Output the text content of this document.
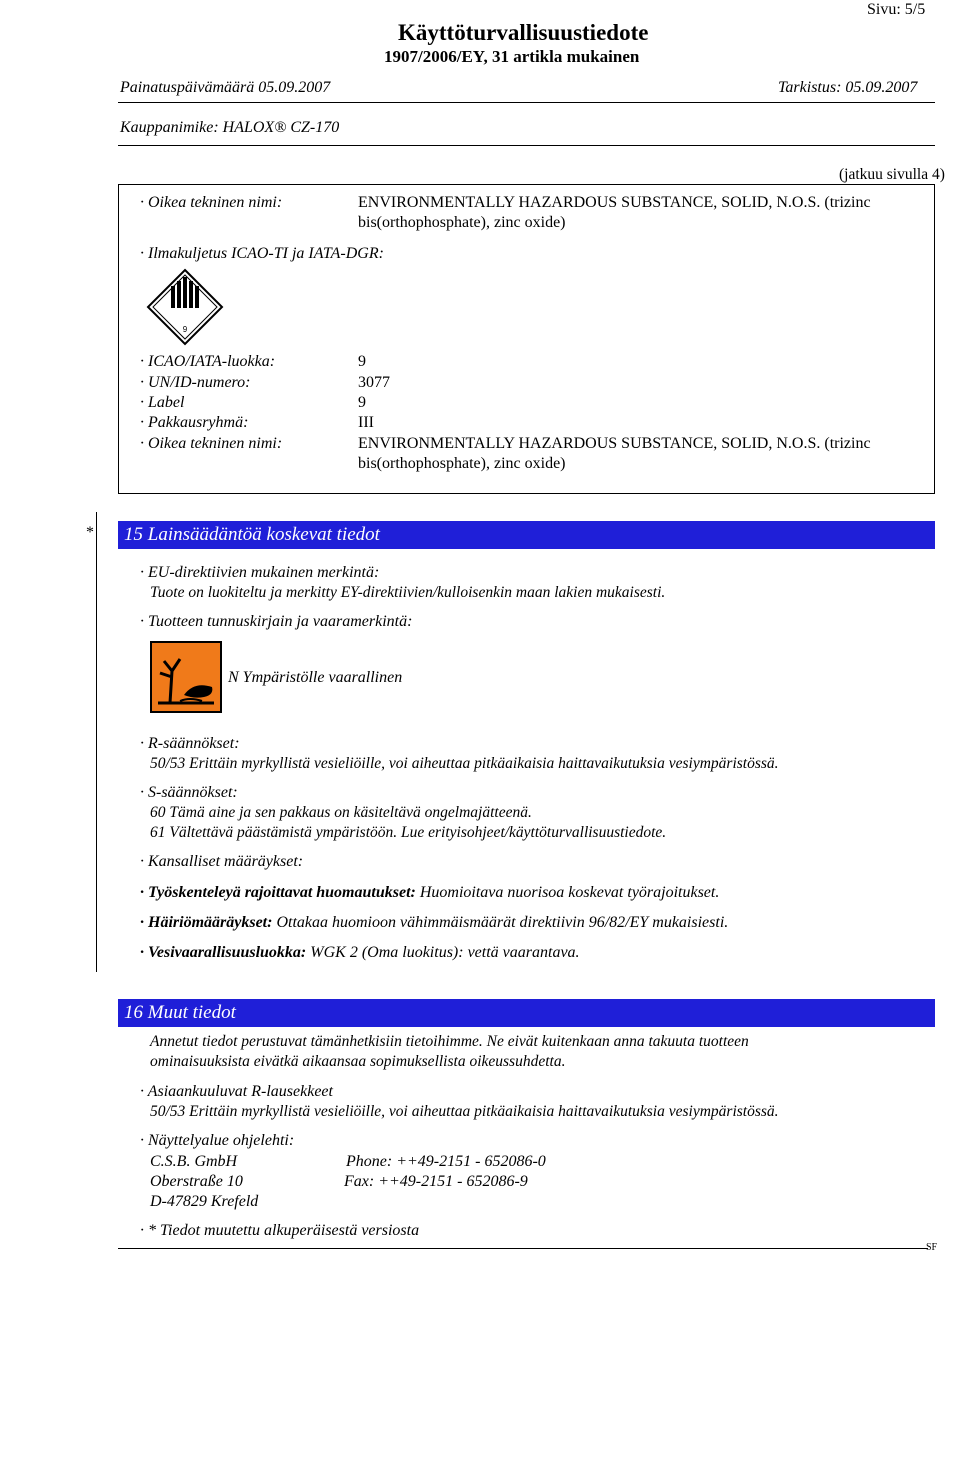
Sivu: 5/5
Käyttöturvallisuustiedote
1907/2006/EY, 31 artikla mukainen
Painatuspäivämäärä 05.09.2007	Tarkistus: 05.09.2007
Kauppanimike: HALOX® CZ-170
(jatkuu sivulla 4)
· Oikea tekninen nimi:	ENVIRONMENTALLY HAZARDOUS SUBSTANCE, SOLID, N.O.S. (trizinc
bis(orthophosphate), zinc oxide)
· Ilmakuljetus ICAO-TI ja IATA-DGR:
9
· ICAO/IATA-luokka:	9
· UN/ID-numero:	3077
· Label	9
· Pakkausryhmä:	III
· Oikea tekninen nimi:	ENVIRONMENTALLY HAZARDOUS SUBSTANCE, SOLID, N.O.S. (trizinc
bis(orthophosphate), zinc oxide)
*	15 Lainsäädäntöä koskevat tiedot
· EU-direktiivien mukainen merkintä:
Tuote on luokiteltu ja merkitty EY-direktiivien/kulloisenkin maan lakien mukaisesti.
· Tuotteen tunnuskirjain ja vaaramerkintä:
N Ympäristölle vaarallinen
· R-säännökset:
50/53 Erittäin myrkyllistä vesieliöille, voi aiheuttaa pitkäaikaisia haittavaikutuksia vesiympäristössä.
· S-säännökset:
60 Tämä aine ja sen pakkaus on käsiteltävä ongelmajätteenä.
61 Vältettävä päästämistä ympäristöön. Lue erityisohjeet/käyttöturvallisuustiedote.
· Kansalliset määräykset:
· Työskenteleyä rajoittavat huomautukset: Huomioitava nuorisoa koskevat työrajoitukset.
· Häiriömääräykset: Ottakaa huomioon vähimmäismäärät direktiivin 96/82/EY mukaisiesti.
· Vesivaarallisuusluokka: WGK 2 (Oma luokitus): vettä vaarantava.
16 Muut tiedot
Annetut tiedot perustuvat tämänhetkisiin tietoihimme. Ne eivät kuitenkaan anna takuuta tuotteen
ominaisuuksista eivätkä aikaansaa sopimuksellista oikeussuhdetta.
· Asiaankuuluvat R-lausekkeet
50/53 Erittäin myrkyllistä vesieliöille, voi aiheuttaa pitkäaikaisia haittavaikutuksia vesiympäristössä.
· Näyttelyalue ohjelehti:
C.S.B. GmbH
Oberstraße 10
D-47829 Krefeld
Phone: ++49-2151 - 652086-0
Fax: ++49-2151 - 652086-9
· * Tiedot muutettu alkuperäisestä versiosta
SF
